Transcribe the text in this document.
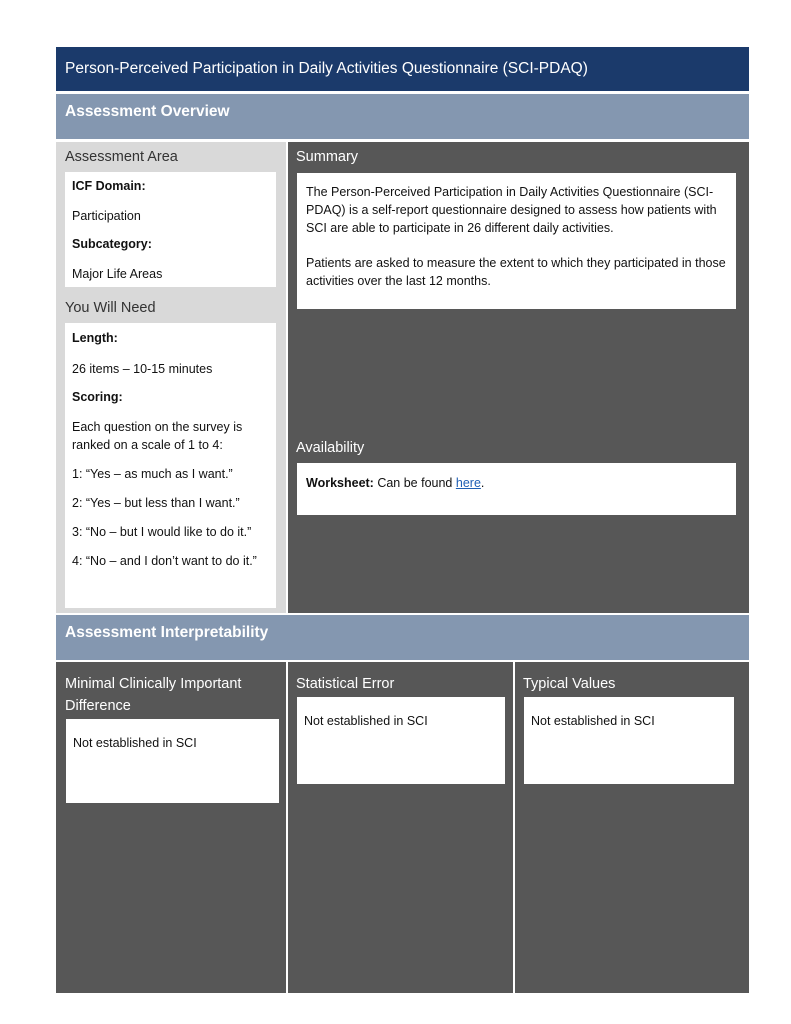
Person-Perceived Participation in Daily Activities Questionnaire (SCI-PDAQ)
Assessment Overview
Assessment Area
ICF Domain:
Participation
Subcategory:
Major Life Areas
You Will Need
Length:
26 items – 10-15 minutes
Scoring:
Each question on the survey is ranked on a scale of 1 to 4:
1: “Yes – as much as I want.”
2: “Yes – but less than I want.”
3: “No – but I would like to do it.”
4: “No – and I don’t want to do it.”
Summary
The Person-Perceived Participation in Daily Activities Questionnaire (SCI-PDAQ) is a self-report questionnaire designed to assess how patients with SCI are able to participate in 26 different daily activities.
Patients are asked to measure the extent to which they participated in those activities over the last 12 months.
Availability
Worksheet: Can be found here.
Assessment Interpretability
Minimal Clinically Important Difference
Not established in SCI
Statistical Error
Not established in SCI
Typical Values
Not established in SCI
